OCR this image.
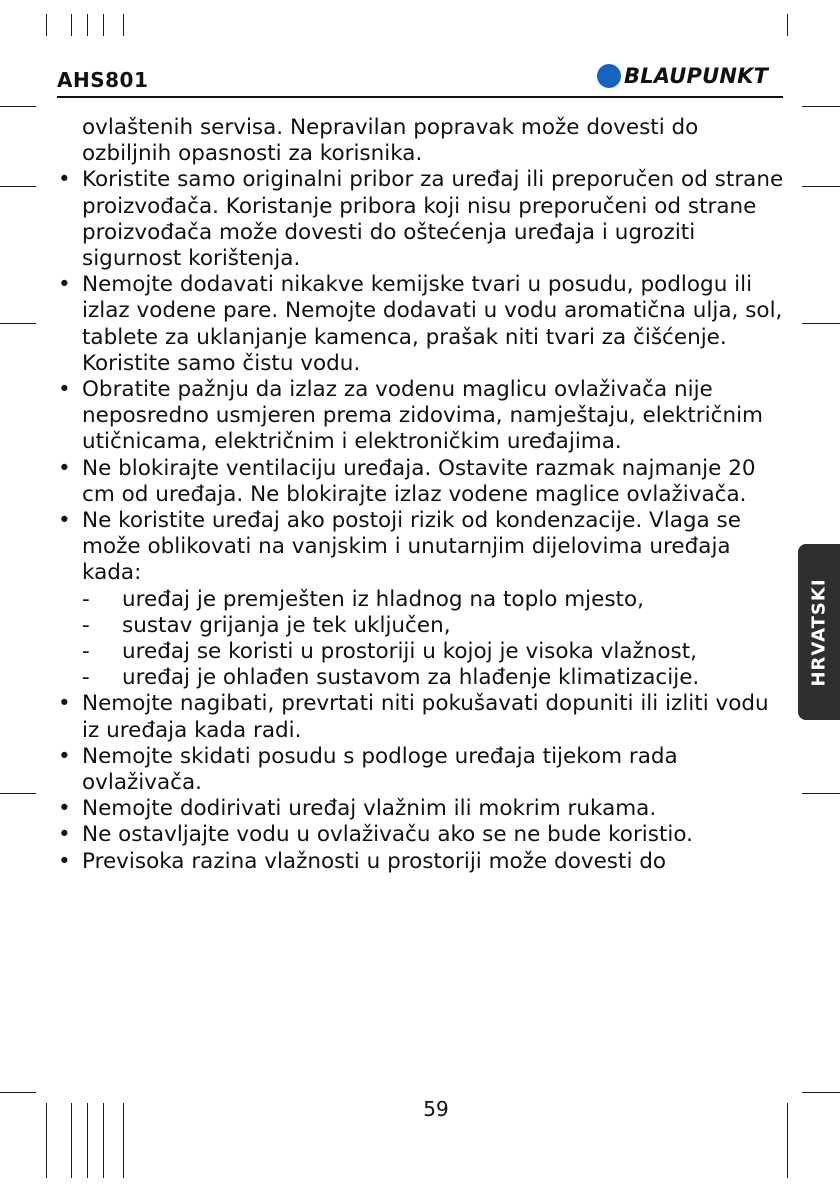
AHS801	BLAUPUNKT
ovlaštenih servisa. Nepravilan popravak može dovesti do ozbiljnih opasnosti za korisnika.
• Koristite samo originalni pribor za uređaj ili preporučen od strane proizvođača. Koristanje pribora koji nisu preporučeni od strane proizvođača može dovesti do oštećenja uređaja i ugroziti sigurnost korištenja.
• Nemojte dodavati nikakve kemijske tvari u posudu, podlogu ili izlaz vodene pare. Nemojte dodavati u vodu aromatična ulja, sol, tablete za uklanjanje kamenca, prašak niti tvari za čišćenje. Koristite samo čistu vodu.
• Obratite pažnju da izlaz za vodenu maglicu ovlaživača nije neposredno usmjeren prema zidovima, namještaju, električnim utičnicama, električnim i elektroničkim uređajima.
• Ne blokirajte ventilaciju uređaja. Ostavite razmak najmanje 20 cm od uređaja. Ne blokirajte izlaz vodene maglice ovlaživača.
• Ne koristite uređaj ako postoji rizik od kondenzacije. Vlaga se može oblikovati na vanjskim i unutarnjim dijelovima uređaja kada:
- uređaj je premješten iz hladnog na toplo mjesto,
- sustav grijanja je tek uključen,
- uređaj se koristi u prostoriji u kojoj je visoka vlažnost,
- uređaj je ohlađen sustavom za hlađenje klimatizacije.
• Nemojte nagibati, prevrtati niti pokušavati dopuniti ili izliti vodu iz uređaja kada radi.
• Nemojte skidati posudu s podloge uređaja tijekom rada ovlaživača.
• Nemojte dodirivati uređaj vlažnim ili mokrim rukama.
• Ne ostavljajte vodu u ovlaživaču ako se ne bude koristio.
• Previsoka razina vlažnosti u prostoriji može dovesti do
HRVATSKI
59
